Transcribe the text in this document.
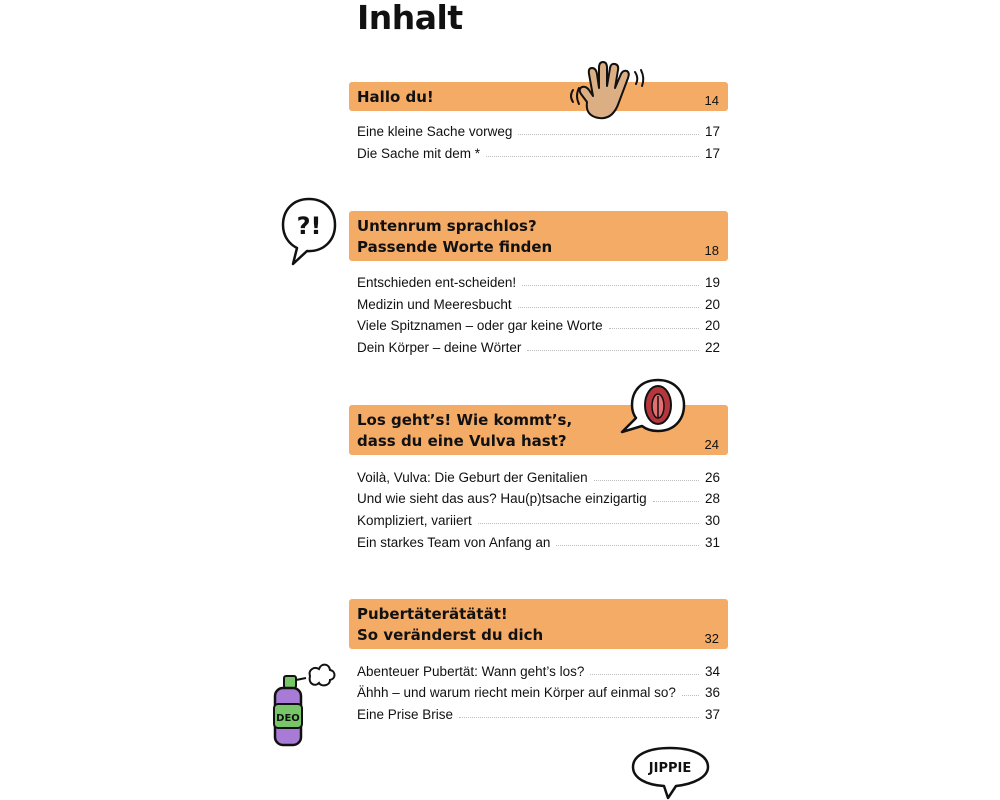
Inhalt
Hallo du!	14
Eine kleine Sache vorweg	17
Die Sache mit dem *	17
Untenrum sprachlos?
Passende Worte finden	18
Entschieden ent-scheiden!	19
Medizin und Meeresbucht	20
Viele Spitznamen – oder gar keine Worte	20
Dein Körper – deine Wörter	22
Los geht’s! Wie kommt’s,
dass du eine Vulva hast?	24
Voilà, Vulva: Die Geburt der Genitalien	26
Und wie sieht das aus? Hau(p)tsache einzigartig	28
Kompliziert, variiert	30
Ein starkes Team von Anfang an	31
Pubertäterätätät!
So veränderst du dich	32
Abenteuer Pubertät: Wann geht’s los?	34
Ähhh – und warum riecht mein Körper auf einmal so? 36
Eine Prise Brise	37
?!
DEO
JIPPIE
